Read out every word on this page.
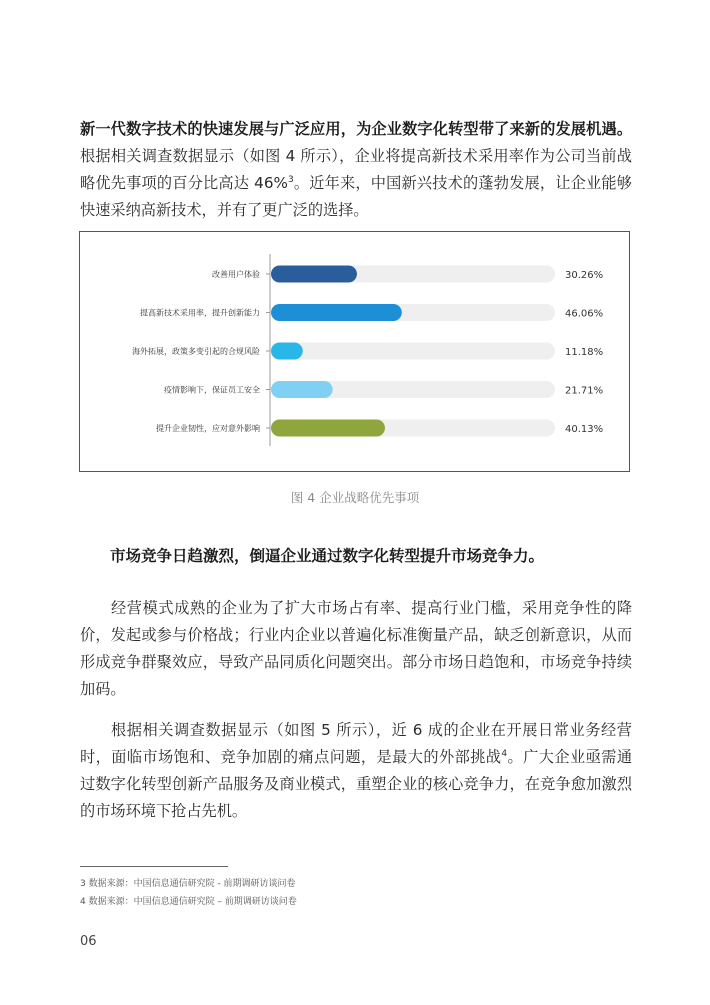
新一代数字技术的快速发展与广泛应用，为企业数字化转型带了来新的发展机遇。根据相关调查数据显示（如图 4 所示），企业将提高新技术采用率作为公司当前战略优先事项的百分比高达 46%$^3$。近年来，中国新兴技术的蓬勃发展，让企业能够快速采纳高新技术，并有了更广泛的选择。

改善用户体验	30.26%
提高新技术采用率，提升创新能力	46.06%
海外拓展，政策多变引起的合规风险	11.18%
疫情影响下，保证员工安全	21.71%
提升企业韧性，应对意外影响	40.13%
图 4 企业战略优先事项

市场竞争日趋激烈，倒逼企业通过数字化转型提升市场竞争力。

经营模式成熟的企业为了扩大市场占有率、提高行业门槛，采用竞争性的降价，发起或参与价格战；行业内企业以普遍化标准衡量产品，缺乏创新意识，从而形成竞争群聚效应，导致产品同质化问题突出。部分市场日趋饱和，市场竞争持续加码。

根据相关调查数据显示（如图 5 所示），近 6 成的企业在开展日常业务经营时，面临市场饱和、竞争加剧的痛点问题，是最大的外部挑战$^4$。广大企业亟需通过数字化转型创新产品服务及商业模式，重塑企业的核心竞争力，在竞争愈加激烈的市场环境下抢占先机。

3 数据来源：中国信息通信研究院 - 前期调研访谈问卷
4 数据来源：中国信息通信研究院 – 前期调研访谈问卷
06
